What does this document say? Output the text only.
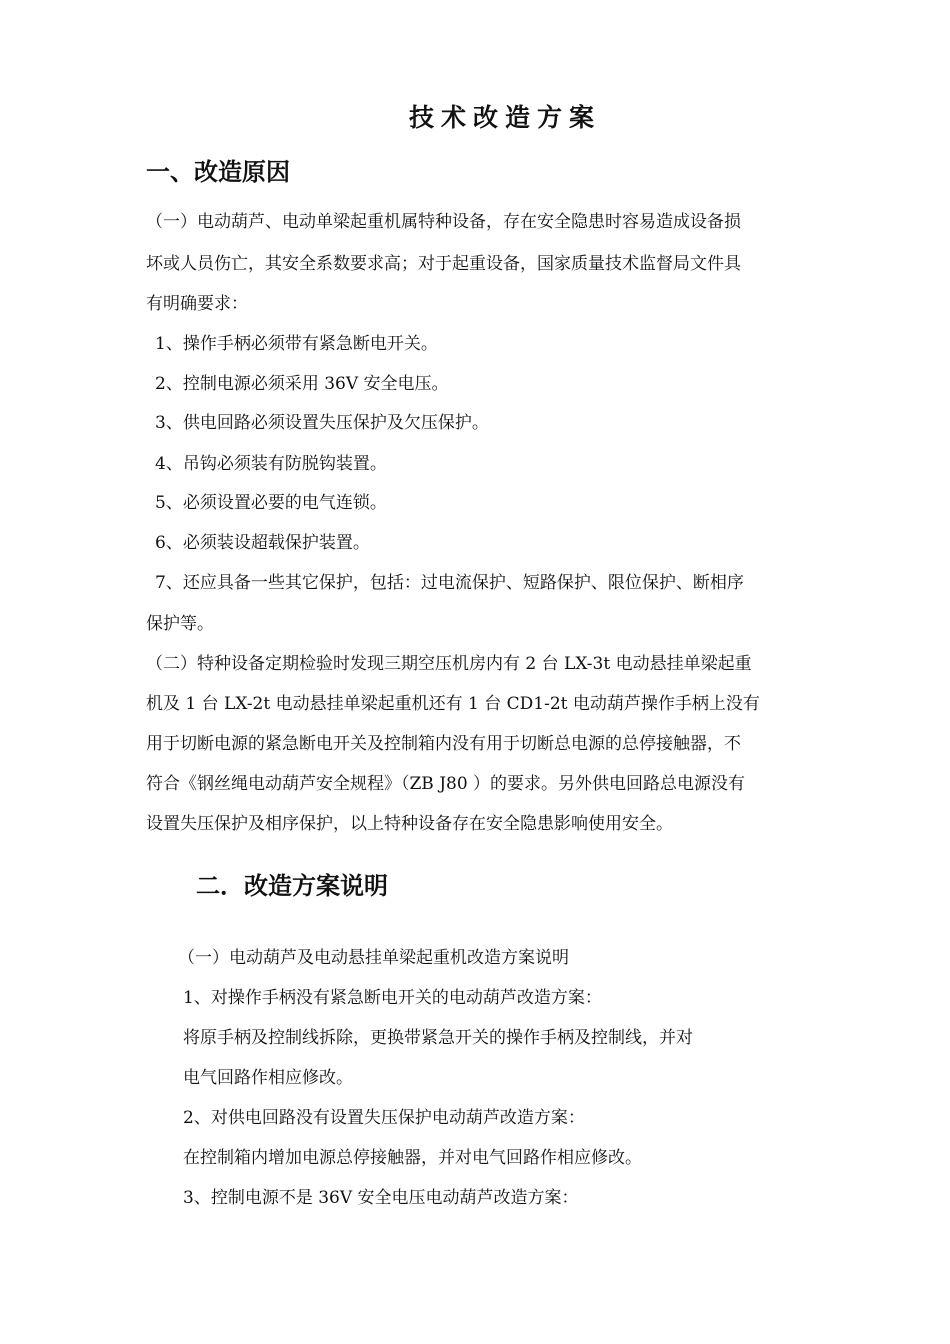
技术改造方案
一、改造原因
（一）电动葫芦、电动单梁起重机属特种设备，存在安全隐患时容易造成设备损
坏或人员伤亡，其安全系数要求高；对于起重设备，国家质量技术监督局文件具
有明确要求：
1、操作手柄必须带有紧急断电开关。
2、控制电源必须采用 36V 安全电压。
3、供电回路必须设置失压保护及欠压保护。
4、吊钩必须装有防脱钩装置。
5、必须设置必要的电气连锁。
6、必须装设超载保护装置。
7、还应具备一些其它保护，包括：过电流保护、短路保护、限位保护、断相序
保护等。
（二）特种设备定期检验时发现三期空压机房内有 2 台 LX-3t 电动悬挂单梁起重
机及 1 台 LX-2t 电动悬挂单梁起重机还有 1 台 CD1-2t 电动葫芦操作手柄上没有
用于切断电源的紧急断电开关及控制箱内没有用于切断总电源的总停接触器，不
符合《钢丝绳电动葫芦安全规程》（ZB J80 ）的要求。另外供电回路总电源没有
设置失压保护及相序保护，以上特种设备存在安全隐患影响使用安全。
二．改造方案说明
（一）电动葫芦及电动悬挂单梁起重机改造方案说明
1、对操作手柄没有紧急断电开关的电动葫芦改造方案：
将原手柄及控制线拆除，更换带紧急开关的操作手柄及控制线，并对
电气回路作相应修改。
2、对供电回路没有设置失压保护电动葫芦改造方案：
在控制箱内增加电源总停接触器，并对电气回路作相应修改。
3、控制电源不是 36V 安全电压电动葫芦改造方案：
